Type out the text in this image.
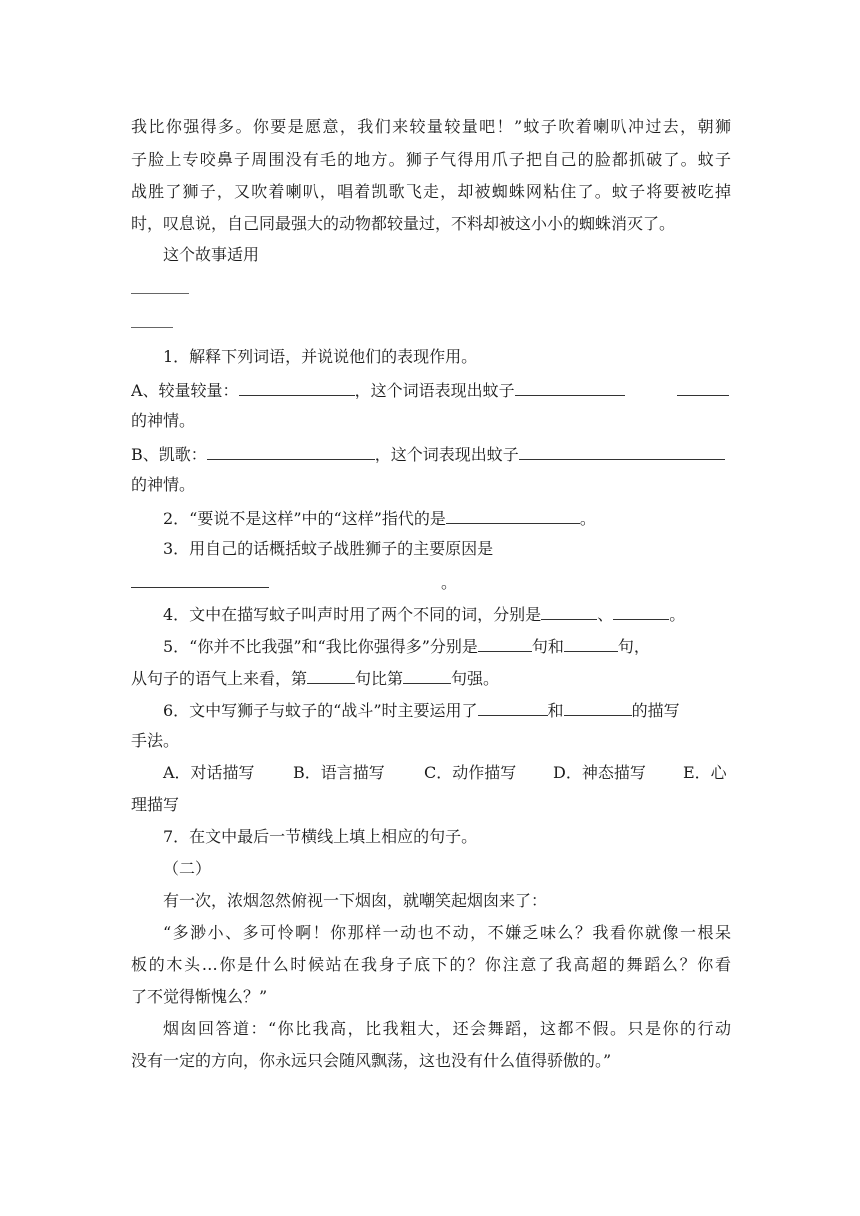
我比你强得多。你要是愿意，我们来较量较量吧！”蚊子吹着喇叭冲过去，朝狮
子脸上专咬鼻子周围没有毛的地方。狮子气得用爪子把自己的脸都抓破了。蚊子
战胜了狮子，又吹着喇叭，唱着凯歌飞走，却被蜘蛛网粘住了。蚊子将要被吃掉
时，叹息说，自己同最强大的动物都较量过，不料却被这小小的蜘蛛消灭了。
这个故事适用
1．解释下列词语，并说说他们的表现作用。
A、较量较量：	，这个词语表现出蚊子
的神情。
B、凯歌：	，这个词表现出蚊子
的神情。
2．“要说不是这样”中的“这样”指代的是	。
3．用自己的话概括蚊子战胜狮子的主要原因是
。
4．文中在描写蚊子叫声时用了两个不同的词，分别是	、	。
5．“你并不比我强”和“我比你强得多”分别是	句和	句，
从句子的语气上来看，第	句比第	句强。
6．文中写狮子与蚊子的“战斗”时主要运用了	和	的描写
手法。
A．对话描写 B．语言描写 C．动作描写 D．神态描写 E．心
理描写
7．在文中最后一节横线上填上相应的句子。
（二）
有一次，浓烟忽然俯视一下烟囱，就嘲笑起烟囱来了：
“多渺小、多可怜啊！你那样一动也不动，不嫌乏味么？我看你就像一根呆
板的木头…你是什么时候站在我身子底下的？你注意了我高超的舞蹈么？你看
了不觉得惭愧么？”
烟囱回答道：“你比我高，比我粗大，还会舞蹈，这都不假。只是你的行动
没有一定的方向，你永远只会随风飘荡，这也没有什么值得骄傲的。”
